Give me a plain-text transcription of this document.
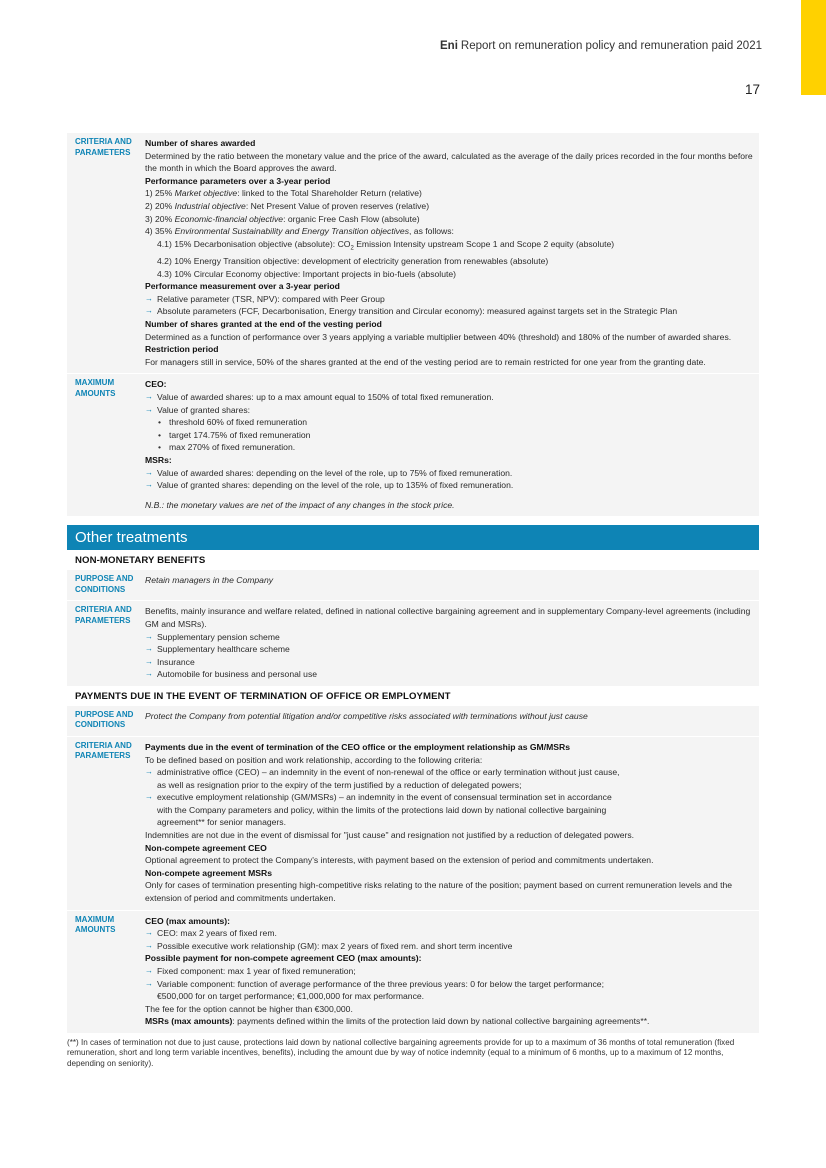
Eni Report on remuneration policy and remuneration paid 2021
17
CRITERIA AND PARAMETERS

Number of shares awarded

Determined by the ratio between the monetary value and the price of the award, calculated as the average of the daily prices recorded in the four months before the month in which the Board approves the award.

Performance parameters over a 3-year period

1) 25% Market objective: linked to the Total Shareholder Return (relative)

2) 20% Industrial objective: Net Present Value of proven reserves (relative)

3) 20% Economic-financial objective: organic Free Cash Flow (absolute)

4) 35% Environmental Sustainability and Energy Transition objectives, as follows:

4.1) 15% Decarbonisation objective (absolute): $CO_2$ Emission Intensity upstream Scope 1 and Scope 2 equity (absolute)

4.2) 10% Energy Transition objective: development of electricity generation from renewables (absolute)

4.3) 10% Circular Economy objective: Important projects in bio-fuels (absolute)

Performance measurement over a 3-year period

→ Relative parameter (TSR, NPV): compared with Peer Group

→ Absolute parameters (FCF, Decarbonisation, Energy transition and Circular economy): measured against targets set in the Strategic Plan

Number of shares granted at the end of the vesting period

Determined as a function of performance over 3 years applying a variable multiplier between 40% (threshold) and 180% of the number of awarded shares.

Restriction period

For managers still in service, 50% of the shares granted at the end of the vesting period are to remain restricted for one year from the granting date.

MAXIMUM AMOUNTS

CEO:

→ Value of awarded shares: up to a max amount equal to 150% of total fixed remuneration.

→ Value of granted shares:

• threshold 60% of fixed remuneration

• target 174.75% of fixed remuneration

• max 270% of fixed remuneration.

MSRs:

→ Value of awarded shares: depending on the level of the role, up to 75% of fixed remuneration.

→ Value of granted shares: depending on the level of the role, up to 135% of fixed remuneration.

N.B.: the monetary values are net of the impact of any changes in the stock price.

Other treatments
NON-MONETARY BENEFITS
PURPOSE AND CONDITIONS

Retain managers in the Company

CRITERIA AND PARAMETERS

Benefits, mainly insurance and welfare related, defined in national collective bargaining agreement and in supplementary Company-level agreements (including GM and MSRs).

→ Supplementary pension scheme

→ Supplementary healthcare scheme

→ Insurance

→ Automobile for business and personal use

PAYMENTS DUE IN THE EVENT OF TERMINATION OF OFFICE OR EMPLOYMENT
PURPOSE AND CONDITIONS

Protect the Company from potential litigation and/or competitive risks associated with terminations without just cause

CRITERIA AND PARAMETERS

Payments due in the event of termination of the CEO office or the employment relationship as GM/MSRs

To be defined based on position and work relationship, according to the following criteria:

→ administrative office (CEO) – an indemnity in the event of non-renewal of the office or early termination without just cause,

as well as resignation prior to the expiry of the term justified by a reduction of delegated powers;

→ executive employment relationship (GM/MSRs) – an indemnity in the event of consensual termination set in accordance

with the Company parameters and policy, within the limits of the protections laid down by national collective bargaining

agreement** for senior managers.

Indemnities are not due in the event of dismissal for "just cause" and resignation not justified by a reduction of delegated powers.

Non-compete agreement CEO

Optional agreement to protect the Company's interests, with payment based on the extension of period and commitments undertaken.

Non-compete agreement MSRs

Only for cases of termination presenting high-competitive risks relating to the nature of the position; payment based on current remuneration levels and the extension of period and commitments undertaken.

MAXIMUM AMOUNTS

CEO (max amounts):

→ CEO: max 2 years of fixed rem.

→ Possible executive work relationship (GM): max 2 years of fixed rem. and short term incentive

Possible payment for non-compete agreement CEO (max amounts):

→ Fixed component: max 1 year of fixed remuneration;

→ Variable component: function of average performance of the three previous years: 0 for below the target performance;

€500,000 for on target performance; €1,000,000 for max performance.

The fee for the option cannot be higher than €300,000.

MSRs (max amounts): payments defined within the limits of the protection laid down by national collective bargaining agreements**.

(**) In cases of termination not due to just cause, protections laid down by national collective bargaining agreements provide for up to a maximum of 36 months of total remuneration (fixed remuneration, short and long term variable incentives, benefits), including the amount due by way of notice indemnity (equal to a minimum of 6 months, up to a maximum of 12 months, depending on seniority).
